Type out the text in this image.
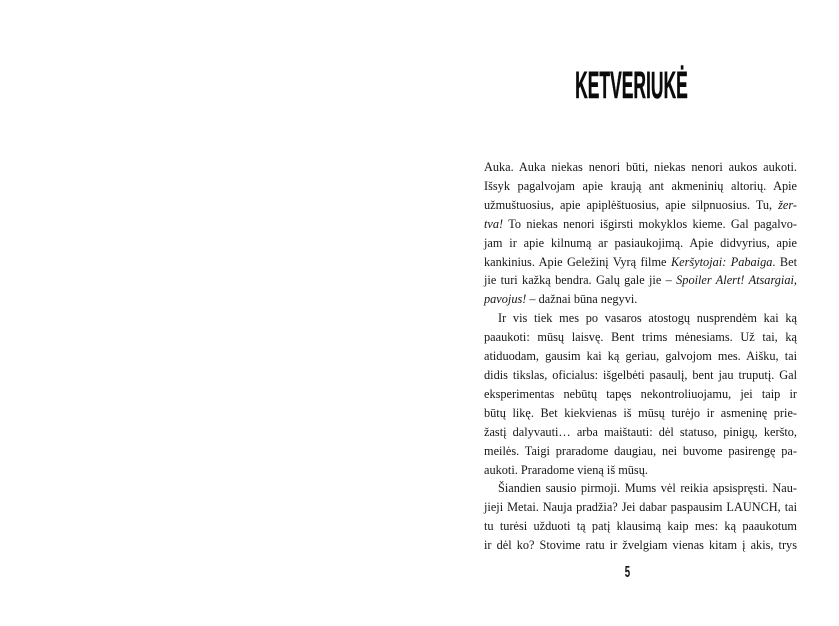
KETVERIUKĖ
Auka. Auka niekas nenori būti, niekas nenori aukos aukoti.
Išsyk pagalvojam apie kraują ant akmeninių altorių. Apie
užmuštuosius, apie apiplėštuosius, apie silpnuosius. Tu, žer-
tva! To niekas nenori išgirsti mokyklos kieme. Gal pagalvo-
jam ir apie kilnumą ar pasiaukojimą. Apie didvyrius, apie
kankinius. Apie Geležinį Vyrą filme Keršytojai: Pabaiga. Bet
jie turi kažką bendra. Galų gale jie – Spoiler Alert! Atsargiai,
pavojus! – dažnai būna negyvi.
Ir vis tiek mes po vasaros atostogų nusprendėm kai ką
paaukoti: mūsų laisvę. Bent trims mėnesiams. Už tai, ką
atiduodam, gausim kai ką geriau, galvojom mes. Aišku, tai
didis tikslas, oficialus: išgelbėti pasaulį, bent jau truputį. Gal
eksperimentas nebūtų tapęs nekontroliuojamu, jei taip ir
būtų likę. Bet kiekvienas iš mūsų turėjo ir asmeninę prie-
žastį dalyvauti… arba maištauti: dėl statuso, pinigų, keršto,
meilės. Taigi praradome daugiau, nei buvome pasirengę pa-
aukoti. Praradome vieną iš mūsų.
Šiandien sausio pirmoji. Mums vėl reikia apsispręsti. Nau-
jieji Metai. Nauja pradžia? Jei dabar paspausim LAUNCH, tai
tu turėsi užduoti tą patį klausimą kaip mes: ką paaukotum
ir dėl ko? Stovime ratu ir žvelgiam vienas kitam į akis, trys
5
